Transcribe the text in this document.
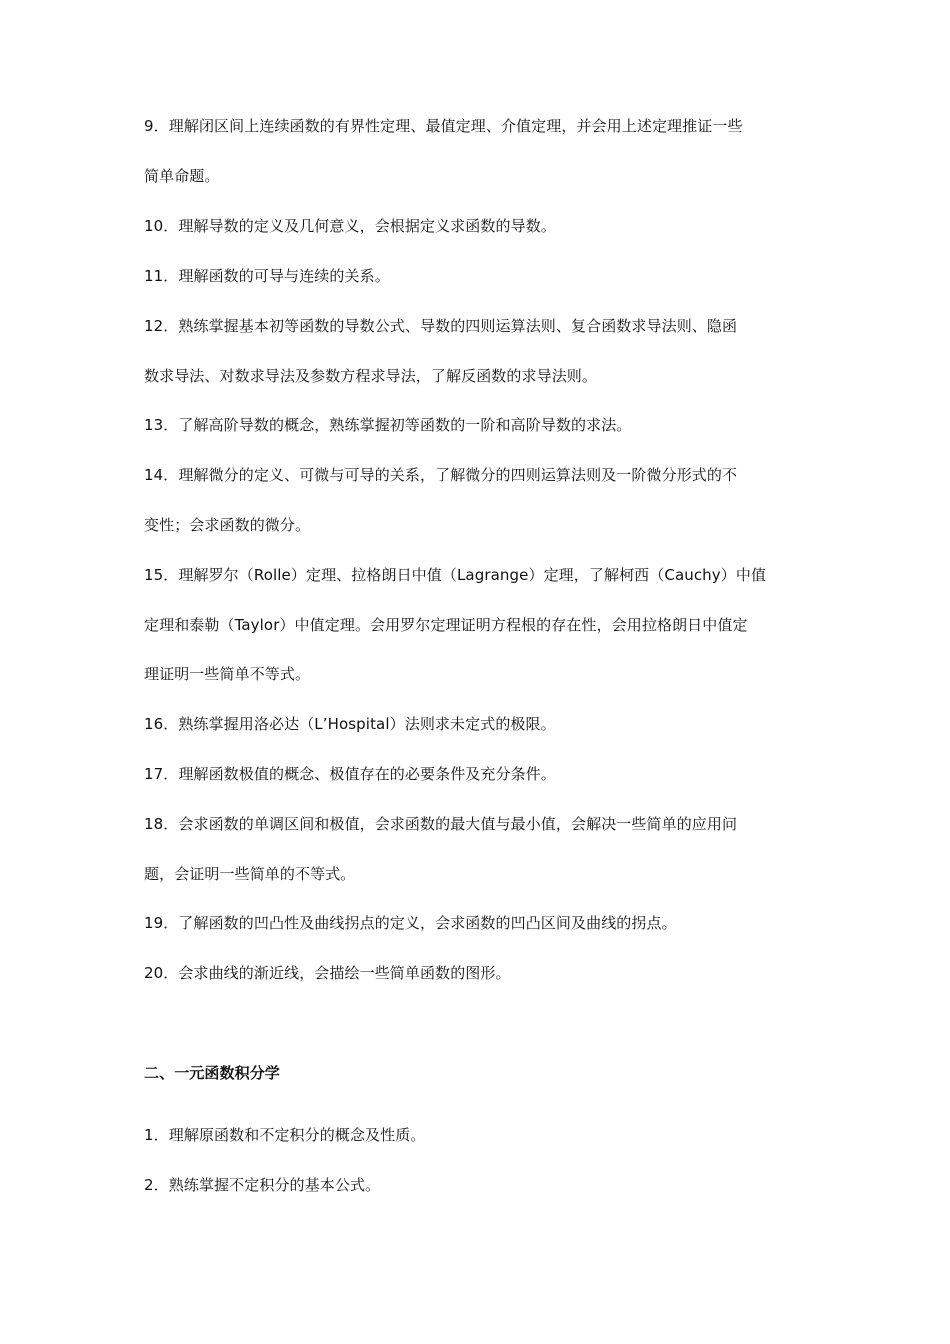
9．理解闭区间上连续函数的有界性定理、最值定理、介值定理，并会用上述定理推证一些
简单命题。
10．理解导数的定义及几何意义，会根据定义求函数的导数。
11．理解函数的可导与连续的关系。
12．熟练掌握基本初等函数的导数公式、导数的四则运算法则、复合函数求导法则、隐函
数求导法、对数求导法及参数方程求导法，了解反函数的求导法则。
13．了解高阶导数的概念，熟练掌握初等函数的一阶和高阶导数的求法。
14．理解微分的定义、可微与可导的关系，了解微分的四则运算法则及一阶微分形式的不
变性；会求函数的微分。
15．理解罗尔（Rolle）定理、拉格朗日中值（Lagrange）定理，了解柯西（Cauchy）中值
定理和泰勒（Taylor）中值定理。会用罗尔定理证明方程根的存在性，会用拉格朗日中值定
理证明一些简单不等式。
16．熟练掌握用洛必达（L’Hospital）法则求未定式的极限。
17．理解函数极值的概念、极值存在的必要条件及充分条件。
18．会求函数的单调区间和极值，会求函数的最大值与最小值，会解决一些简单的应用问
题，会证明一些简单的不等式。
19．了解函数的凹凸性及曲线拐点的定义，会求函数的凹凸区间及曲线的拐点。
20．会求曲线的渐近线，会描绘一些简单函数的图形。
二、一元函数积分学
1．理解原函数和不定积分的概念及性质。
2．熟练掌握不定积分的基本公式。
